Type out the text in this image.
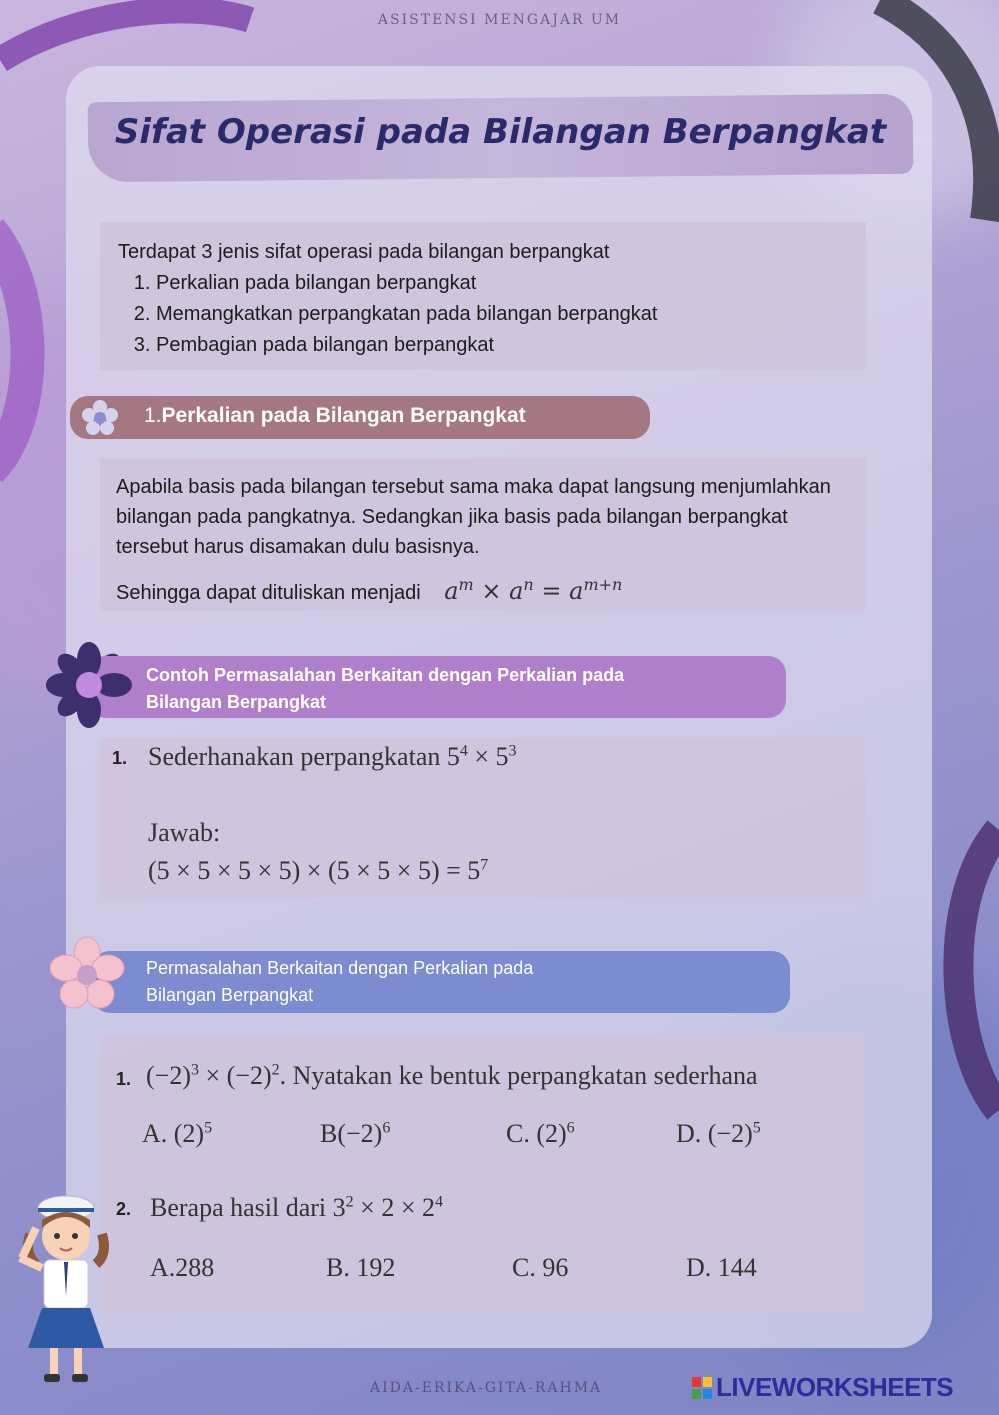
ASISTENSI MENGAJAR UM
Sifat Operasi pada Bilangan Berpangkat
Terdapat 3 jenis sifat operasi pada bilangan berpangkat
1. Perkalian pada bilangan berpangkat
2. Memangkatkan perpangkatan pada bilangan berpangkat
3. Pembagian pada bilangan berpangkat
1.Perkalian pada Bilangan Berpangkat
Apabila basis pada bilangan tersebut sama maka dapat langsung menjumlahkan bilangan pada pangkatnya. Sedangkan jika basis pada bilangan berpangkat tersebut harus disamakan dulu basisnya.
Sehingga dapat dituliskan menjadi $a^m \times a^n = a^{m+n}$
Contoh Permasalahan Berkaitan dengan Perkalian pada
Bilangan Berpangkat
1. Sederhanakan perpangkatan $5^4 \times 5^3$
Jawab:
$(5 \times 5 \times 5 \times 5) \times (5 \times 5 \times 5) = 5^7$
Permasalahan Berkaitan dengan Perkalian pada
Bilangan Berpangkat
1. $(-2)^3 \times (-2)^2$. Nyatakan ke bentuk perpangkatan sederhana
A. $(2)^5$	$B(-2)^6$	C. $(2)^6$	D. $(-2)^5$
2. Berapa hasil dari $3^2 \times 2 \times 2^4$
A.288	B. 192	C. 96	D. 144
AIDA-ERIKA-GITA-RAHMA	LIVEWORKSHEETS
